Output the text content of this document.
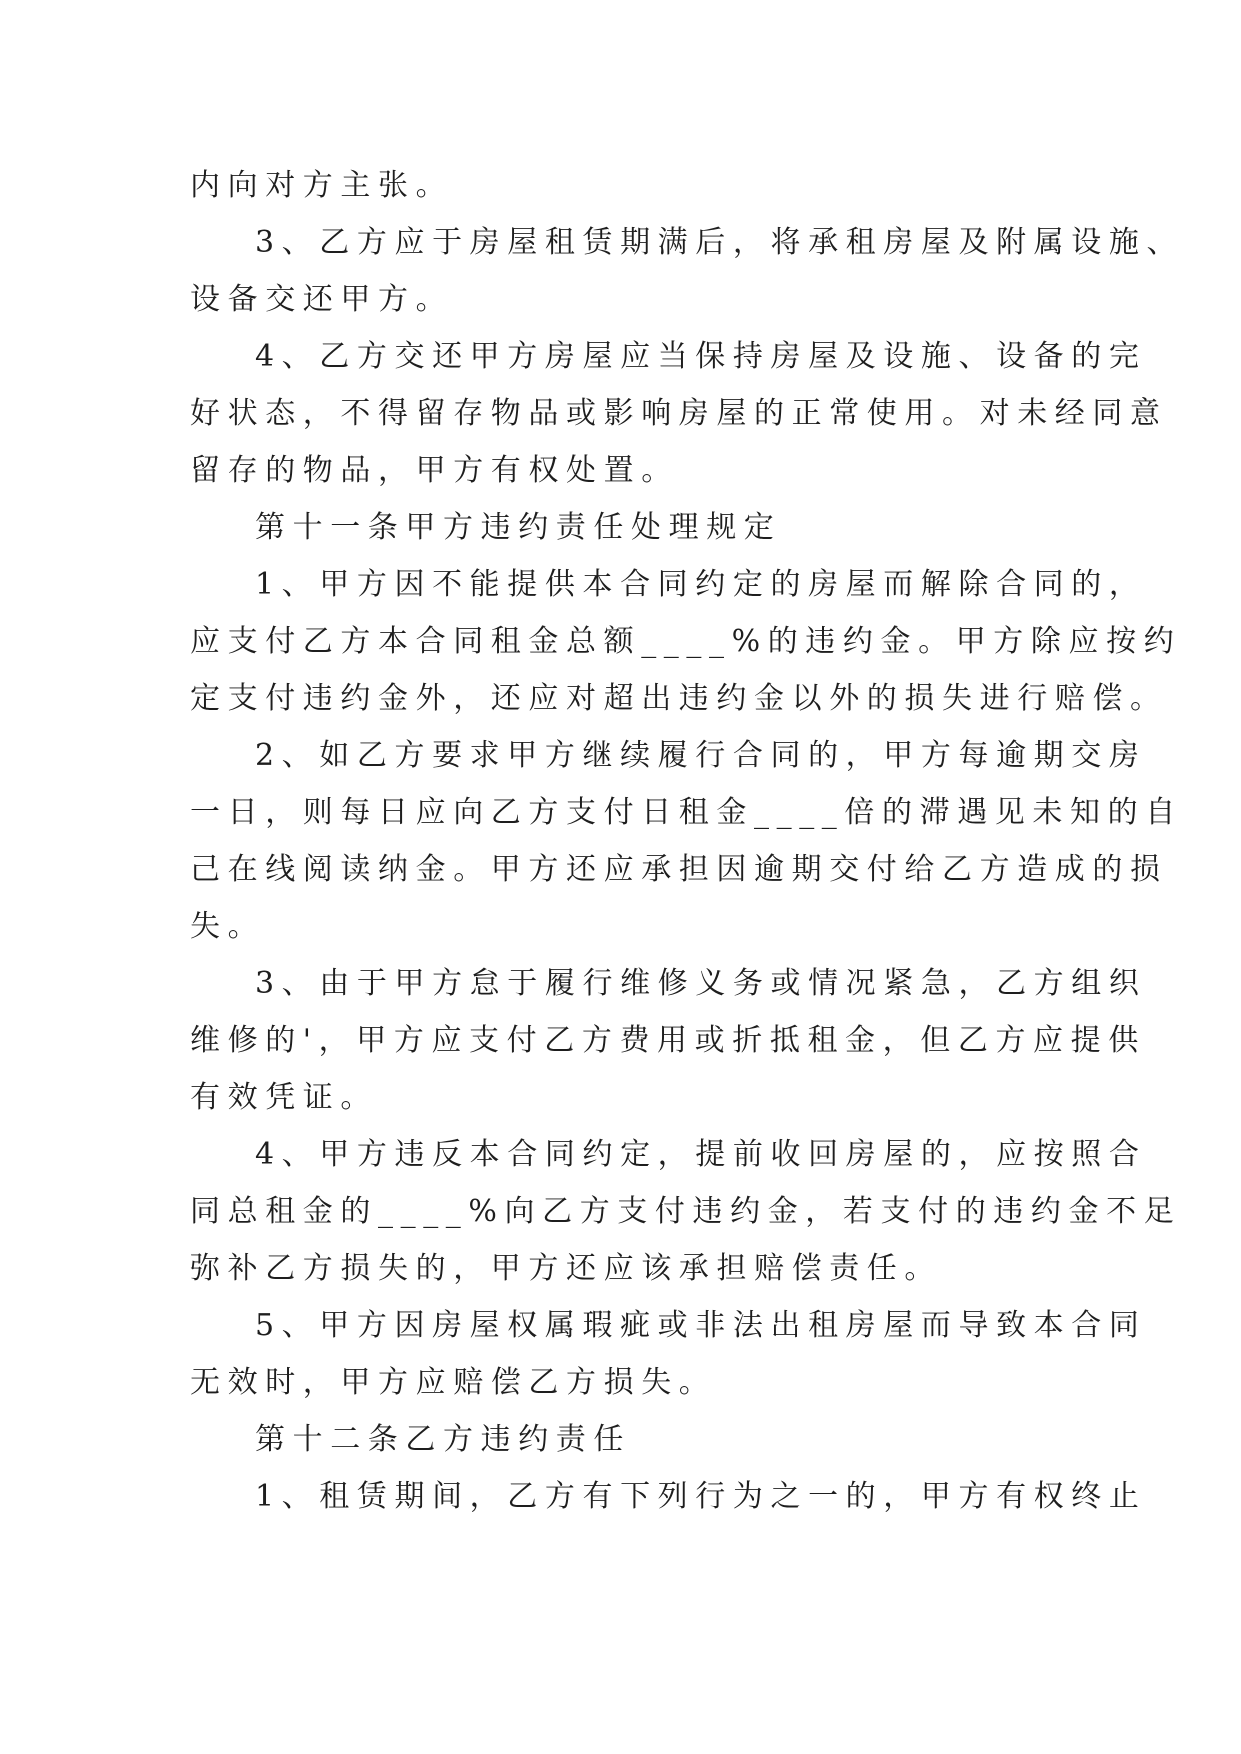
内向对方主张。

3、乙方应于房屋租赁期满后，将承租房屋及附属设施、

设备交还甲方。

4、乙方交还甲方房屋应当保持房屋及设施、设备的完

好状态，不得留存物品或影响房屋的正常使用。对未经同意

留存的物品，甲方有权处置。

第十一条甲方违约责任处理规定

1、甲方因不能提供本合同约定的房屋而解除合同的，

应支付乙方本合同租金总额____%的违约金。甲方除应按约

定支付违约金外，还应对超出违约金以外的损失进行赔偿。

2、如乙方要求甲方继续履行合同的，甲方每逾期交房

一日，则每日应向乙方支付日租金____倍的滞遇见未知的自

己在线阅读纳金。甲方还应承担因逾期交付给乙方造成的损

失。

3、由于甲方怠于履行维修义务或情况紧急，乙方组织

维修的'，甲方应支付乙方费用或折抵租金，但乙方应提供

有效凭证。

4、甲方违反本合同约定，提前收回房屋的，应按照合

同总租金的____%向乙方支付违约金，若支付的违约金不足

弥补乙方损失的，甲方还应该承担赔偿责任。

5、甲方因房屋权属瑕疵或非法出租房屋而导致本合同

无效时，甲方应赔偿乙方损失。

第十二条乙方违约责任

1、租赁期间，乙方有下列行为之一的，甲方有权终止
